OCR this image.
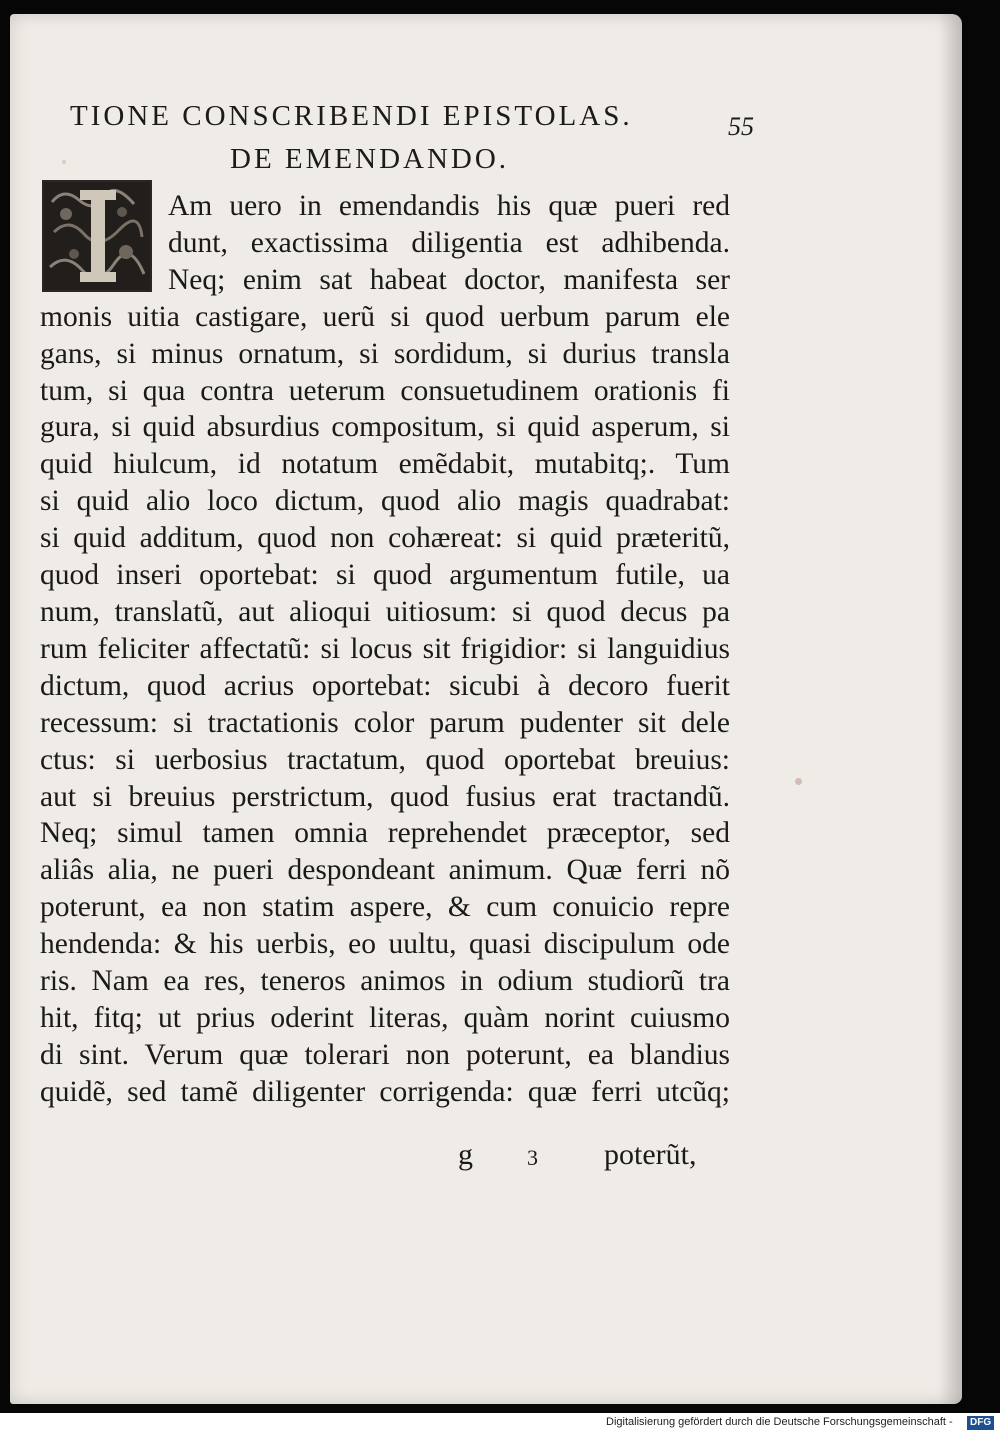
TIONE CONSCRIBENDI EPISTOLAS.	55
DE EMENDANDO.
Am uero in emendandis his quæ pueri red
dunt, exactissima diligentia est adhibenda.
Neq; enim sat habeat doctor, manifesta ser
monis uitia castigare, uerũ si quod uerbum parum ele
gans, si minus ornatum, si sordidum, si durius transla
tum, si qua contra ueterum consuetudinem orationis fi
gura, si quid absurdius compositum, si quid asperum, si
quid hiulcum, id notatum emẽdabit, mutabitq;. Tum
si quid alio loco dictum, quod alio magis quadrabat:
si quid additum, quod non cohæreat: si quid præteritũ,
quod inseri oportebat: si quod argumentum futile, ua
num, translatũ, aut alioqui uitiosum: si quod decus pa
rum feliciter affectatũ: si locus sit frigidior: si languidius
dictum, quod acrius oportebat: sicubi à decoro fuerit
recessum: si tractationis color parum pudenter sit dele
ctus: si uerbosius tractatum, quod oportebat breuius:
aut si breuius perstrictum, quod fusius erat tractandũ.
Neq; simul tamen omnia reprehendet præceptor, sed
aliâs alia, ne pueri despondeant animum. Quæ ferri nõ
poterunt, ea non statim aspere, & cum conuicio repre
hendenda: & his uerbis, eo uultu, quasi discipulum ode
ris. Nam ea res, teneros animos in odium studiorũ tra
hit, fitq; ut prius oderint literas, quàm norint cuiusmo
di sint. Verum quæ tolerari non poterunt, ea blandius
quidẽ, sed tamẽ diligenter corrigenda: quæ ferri utcũq;
g 3 poterũt,
Digitalisierung gefördert durch die Deutsche Forschungsgemeinschaft -	DFG
